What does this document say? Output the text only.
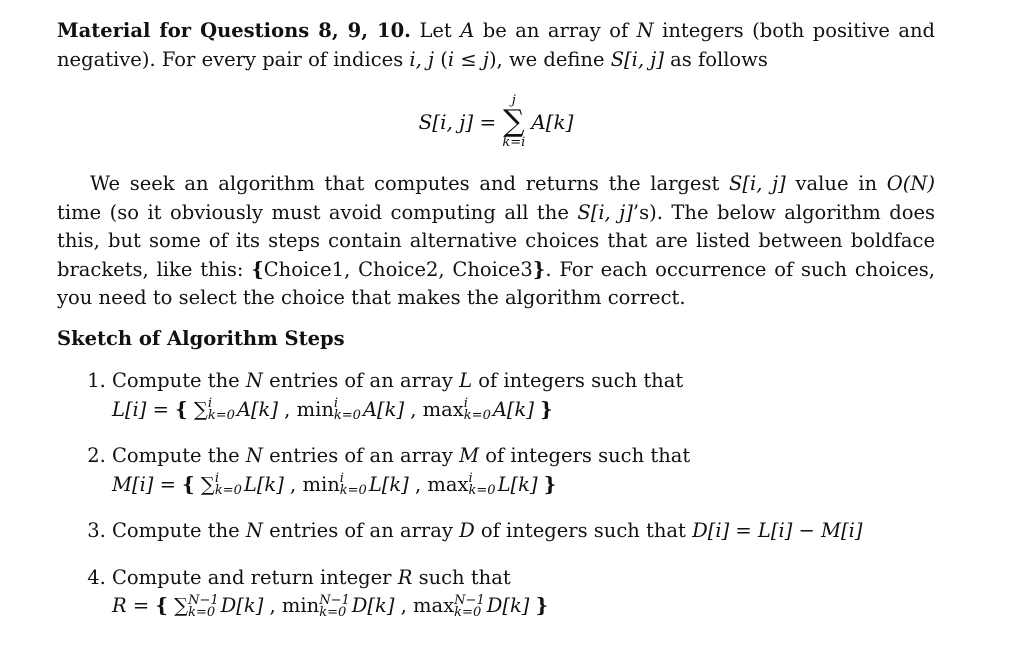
Material for Questions 8, 9, 10. Let A be an array of N integers (both positive and negative). For every pair of indices i, j (i ≤ j), we define S[i, j] as follows

S[i, j] =
j
∑
k=i
A[k]

We seek an algorithm that computes and returns the largest S[i, j] value in O(N) time (so it obviously must avoid computing all the S[i, j]’s). The below algorithm does this, but some of its steps contain alternative choices that are listed between boldface brackets, like this: {Choice1, Choice2, Choice3}. For each occurrence of such choices, you need to select the choice that makes the algorithm correct.

Sketch of Algorithm Steps
1. Compute the N entries of an array L of integers such that
L[i] = { ∑ i
k=0 A[k] , min i
k=0 A[k] , max i
k=0 A[k] }
2. Compute the N entries of an array M of integers such that
M[i] = { ∑ i
k=0 L[k] , min i
k=0 L[k] , max i
k=0 L[k] }
3. Compute the N entries of an array D of integers such that D[i] = L[i] − M[i]
4. Compute and return integer R such that
R = { ∑ N−1
k=0 D[k] , min N−1
k=0 D[k] , max N−1
k=0 D[k] }
